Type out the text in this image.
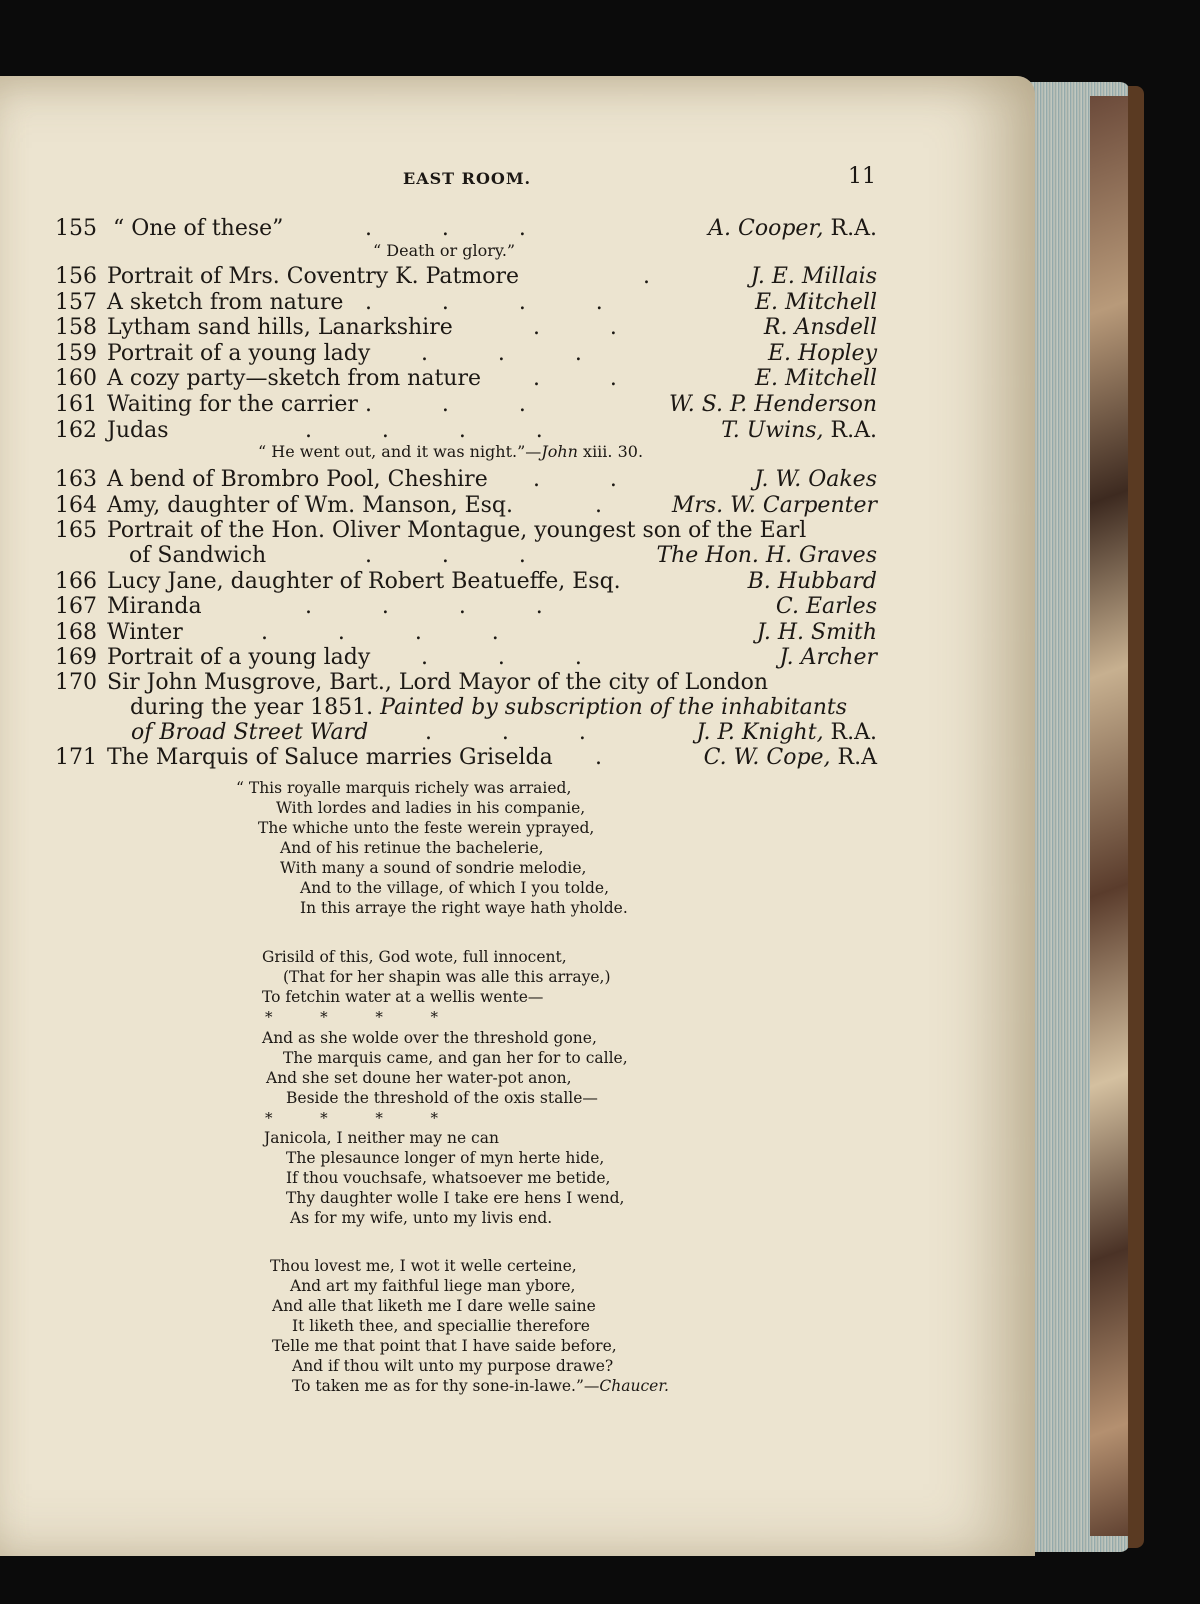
EAST ROOM.	11
155 “ One of these”	.          .          .	A. Cooper, R.A.
“ Death or glory.”
156 Portrait of Mrs. Coventry K. Patmore	.	J. E. Millais
157 A sketch from nature .          .          .          .	E. Mitchell
158 Lytham sand hills, Lanarkshire	.          .	R. Ansdell
159 Portrait of a young lady .          .          .	E. Hopley
160 A cozy party—sketch from nature .          .	E. Mitchell
161 Waiting for the carrier .          .          .	W. S. P. Henderson
162 Judas	.          .          .          .	T. Uwins, R.A.
“ He went out, and it was night.”—John xiii. 30.
163 A bend of Brombro Pool, Cheshire .          .	J. W. Oakes
164 Amy, daughter of Wm. Manson, Esq.	.	Mrs. W. Carpenter
165 Portrait of the Hon. Oliver Montague, youngest son of the Earl
of Sandwich	.          .          .	The Hon. H. Graves
166 Lucy Jane, daughter of Robert Beatueffe, Esq.	B. Hubbard
167 Miranda	.          .          .          .	C. Earles
168 Winter	.          .          .          .	J. H. Smith
169 Portrait of a young lady .          .          .	J. Archer
170 Sir John Musgrove, Bart., Lord Mayor of the city of London
during the year 1851. Painted by subscription of the inhabitants
of Broad Street Ward	.          .          .	J. P. Knight, R.A.
171 The Marquis of Saluce marries Griselda .	C. W. Cope, R.A
“ This royalle marquis richely was arraied,
With lordes and ladies in his companie,
The whiche unto the feste werein yprayed,
And of his retinue the bachelerie,
With many a sound of sondrie melodie,
And to the village, of which I you tolde,
In this arraye the right waye hath yholde.
Grisild of this, God wote, full innocent,
(That for her shapin was alle this arraye,)
To fetchin water at a wellis wente—
*          *          *          *
And as she wolde over the threshold gone,
The marquis came, and gan her for to calle,
And she set doune her water-pot anon,
Beside the threshold of the oxis stalle—
*          *          *          *
Janicola, I neither may ne can
The plesaunce longer of myn herte hide,
If thou vouchsafe, whatsoever me betide,
Thy daughter wolle I take ere hens I wend,
As for my wife, unto my livis end.
Thou lovest me, I wot it welle certeine,
And art my faithful liege man ybore,
And alle that liketh me I dare welle saine
It liketh thee, and speciallie therefore
Telle me that point that I have saide before,
And if thou wilt unto my purpose drawe?
To taken me as for thy sone-in-lawe.”—Chaucer.
